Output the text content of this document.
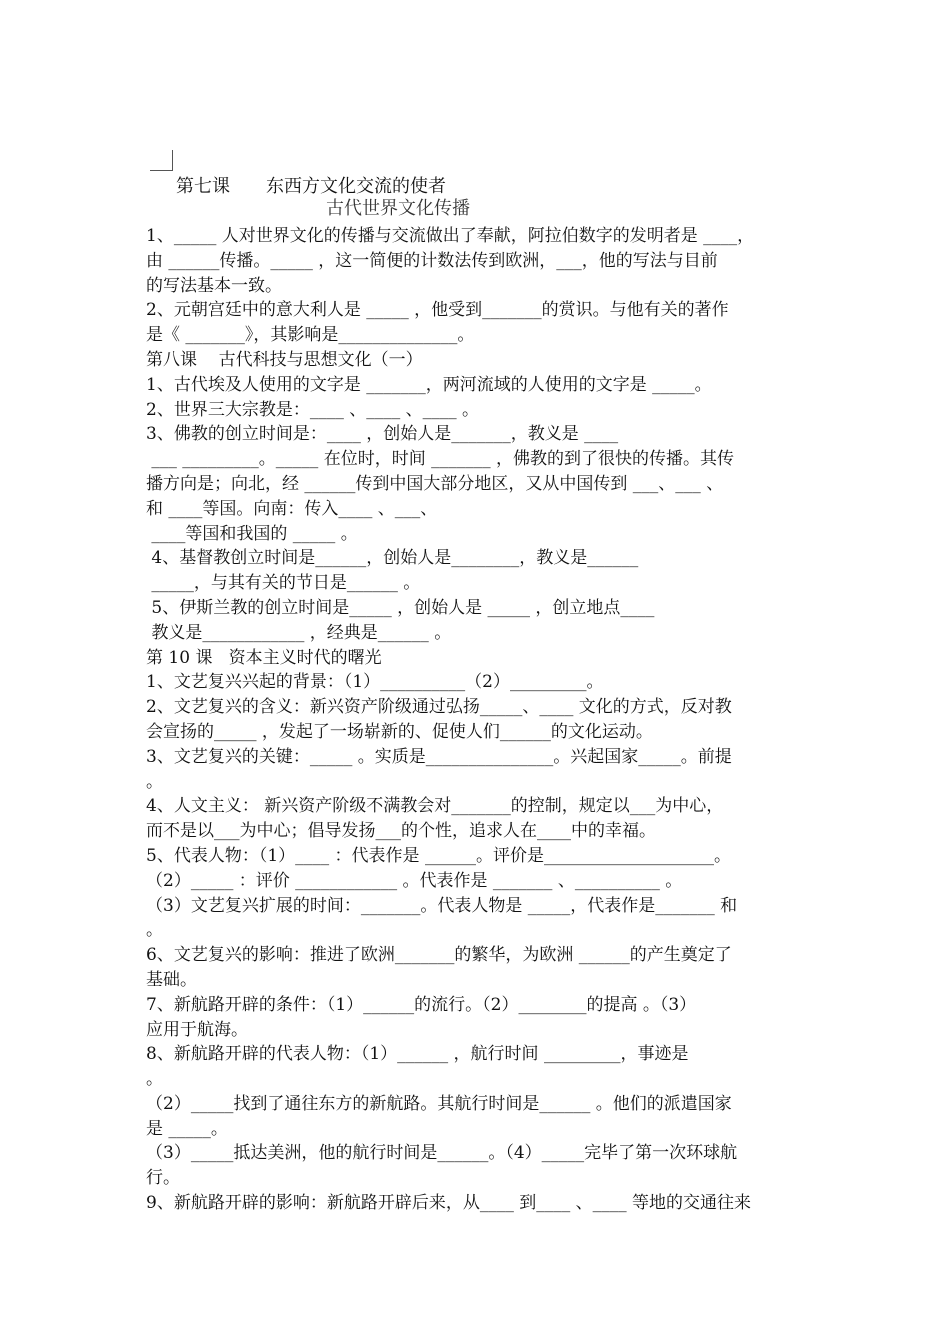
第七课 东西方文化交流的使者
古代世界文化传播

1、_____ 人对世界文化的传播与交流做出了奉献，阿拉伯数字的发明者是 ____，

由 ______传播。_____ ，这一简便的计数法传到欧洲，___，他的写法与目前

的写法基本一致。

2、元朝宫廷中的意大利人是 _____ ，他受到_______的赏识。与他有关的著作

是《 _______》，其影响是______________。

第八课    古代科技与思想文化（一）

1、古代埃及人使用的文字是 _______，两河流域的人使用的文字是 _____。

2、世界三大宗教是：____ 、____ 、____ 。

3、佛教的创立时间是：____ ，创始人是_______，教义是 ____

___ _________。_____ 在位时，时间 _______ ，佛教的到了很快的传播。其传

播方向是；向北，经 ______传到中国大部分地区，又从中国传到 ___、___ 、

和 ____等国。向南：传入____ 、___、

____等国和我国的 _____ 。

4、基督教创立时间是______，创始人是________，教义是______

_____，与其有关的节日是______ 。

5、伊斯兰教的创立时间是_____ ，创始人是 _____ ，创立地点____

教义是____________ ，经典是______ 。

第 10 课   资本主义时代的曙光

1、文艺复兴兴起的背景：（1）__________（2）_________。

2、文艺复兴的含义：新兴资产阶级通过弘扬_____、____ 文化的方式，反对教

会宣扬的_____ ，发起了一场崭新的、促使人们______的文化运动。

3、文艺复兴的关键：_____ 。实质是_______________。兴起国家_____。前提

。

4、人文主义： 新兴资产阶级不满教会对_______的控制，规定以___为中心，

而不是以___为中心；倡导发扬___的个性，追求人在____中的幸福。

5、代表人物：（1）____ ：代表作是 ______。评价是____________________。

（2）_____ ：评价 ____________ 。代表作是 _______ 、__________ 。

（3）文艺复兴扩展的时间：_______。代表人物是 _____，代表作是_______ 和

。

6、文艺复兴的影响：推进了欧洲_______的繁华，为欧洲 ______的产生奠定了

基础。

7、新航路开辟的条件：（1）______的流行。（2）________的提高 。（3）

应用于航海。

8、新航路开辟的代表人物：（1）______ ，航行时间 _________，事迹是

。

（2）_____找到了通往东方的新航路。其航行时间是______ 。他们的派遣国家

是 _____。

（3）_____抵达美洲，他的航行时间是______。（4）_____完毕了第一次环球航

行。

9、新航路开辟的影响：新航路开辟后来，从____ 到____ 、____ 等地的交通往来
